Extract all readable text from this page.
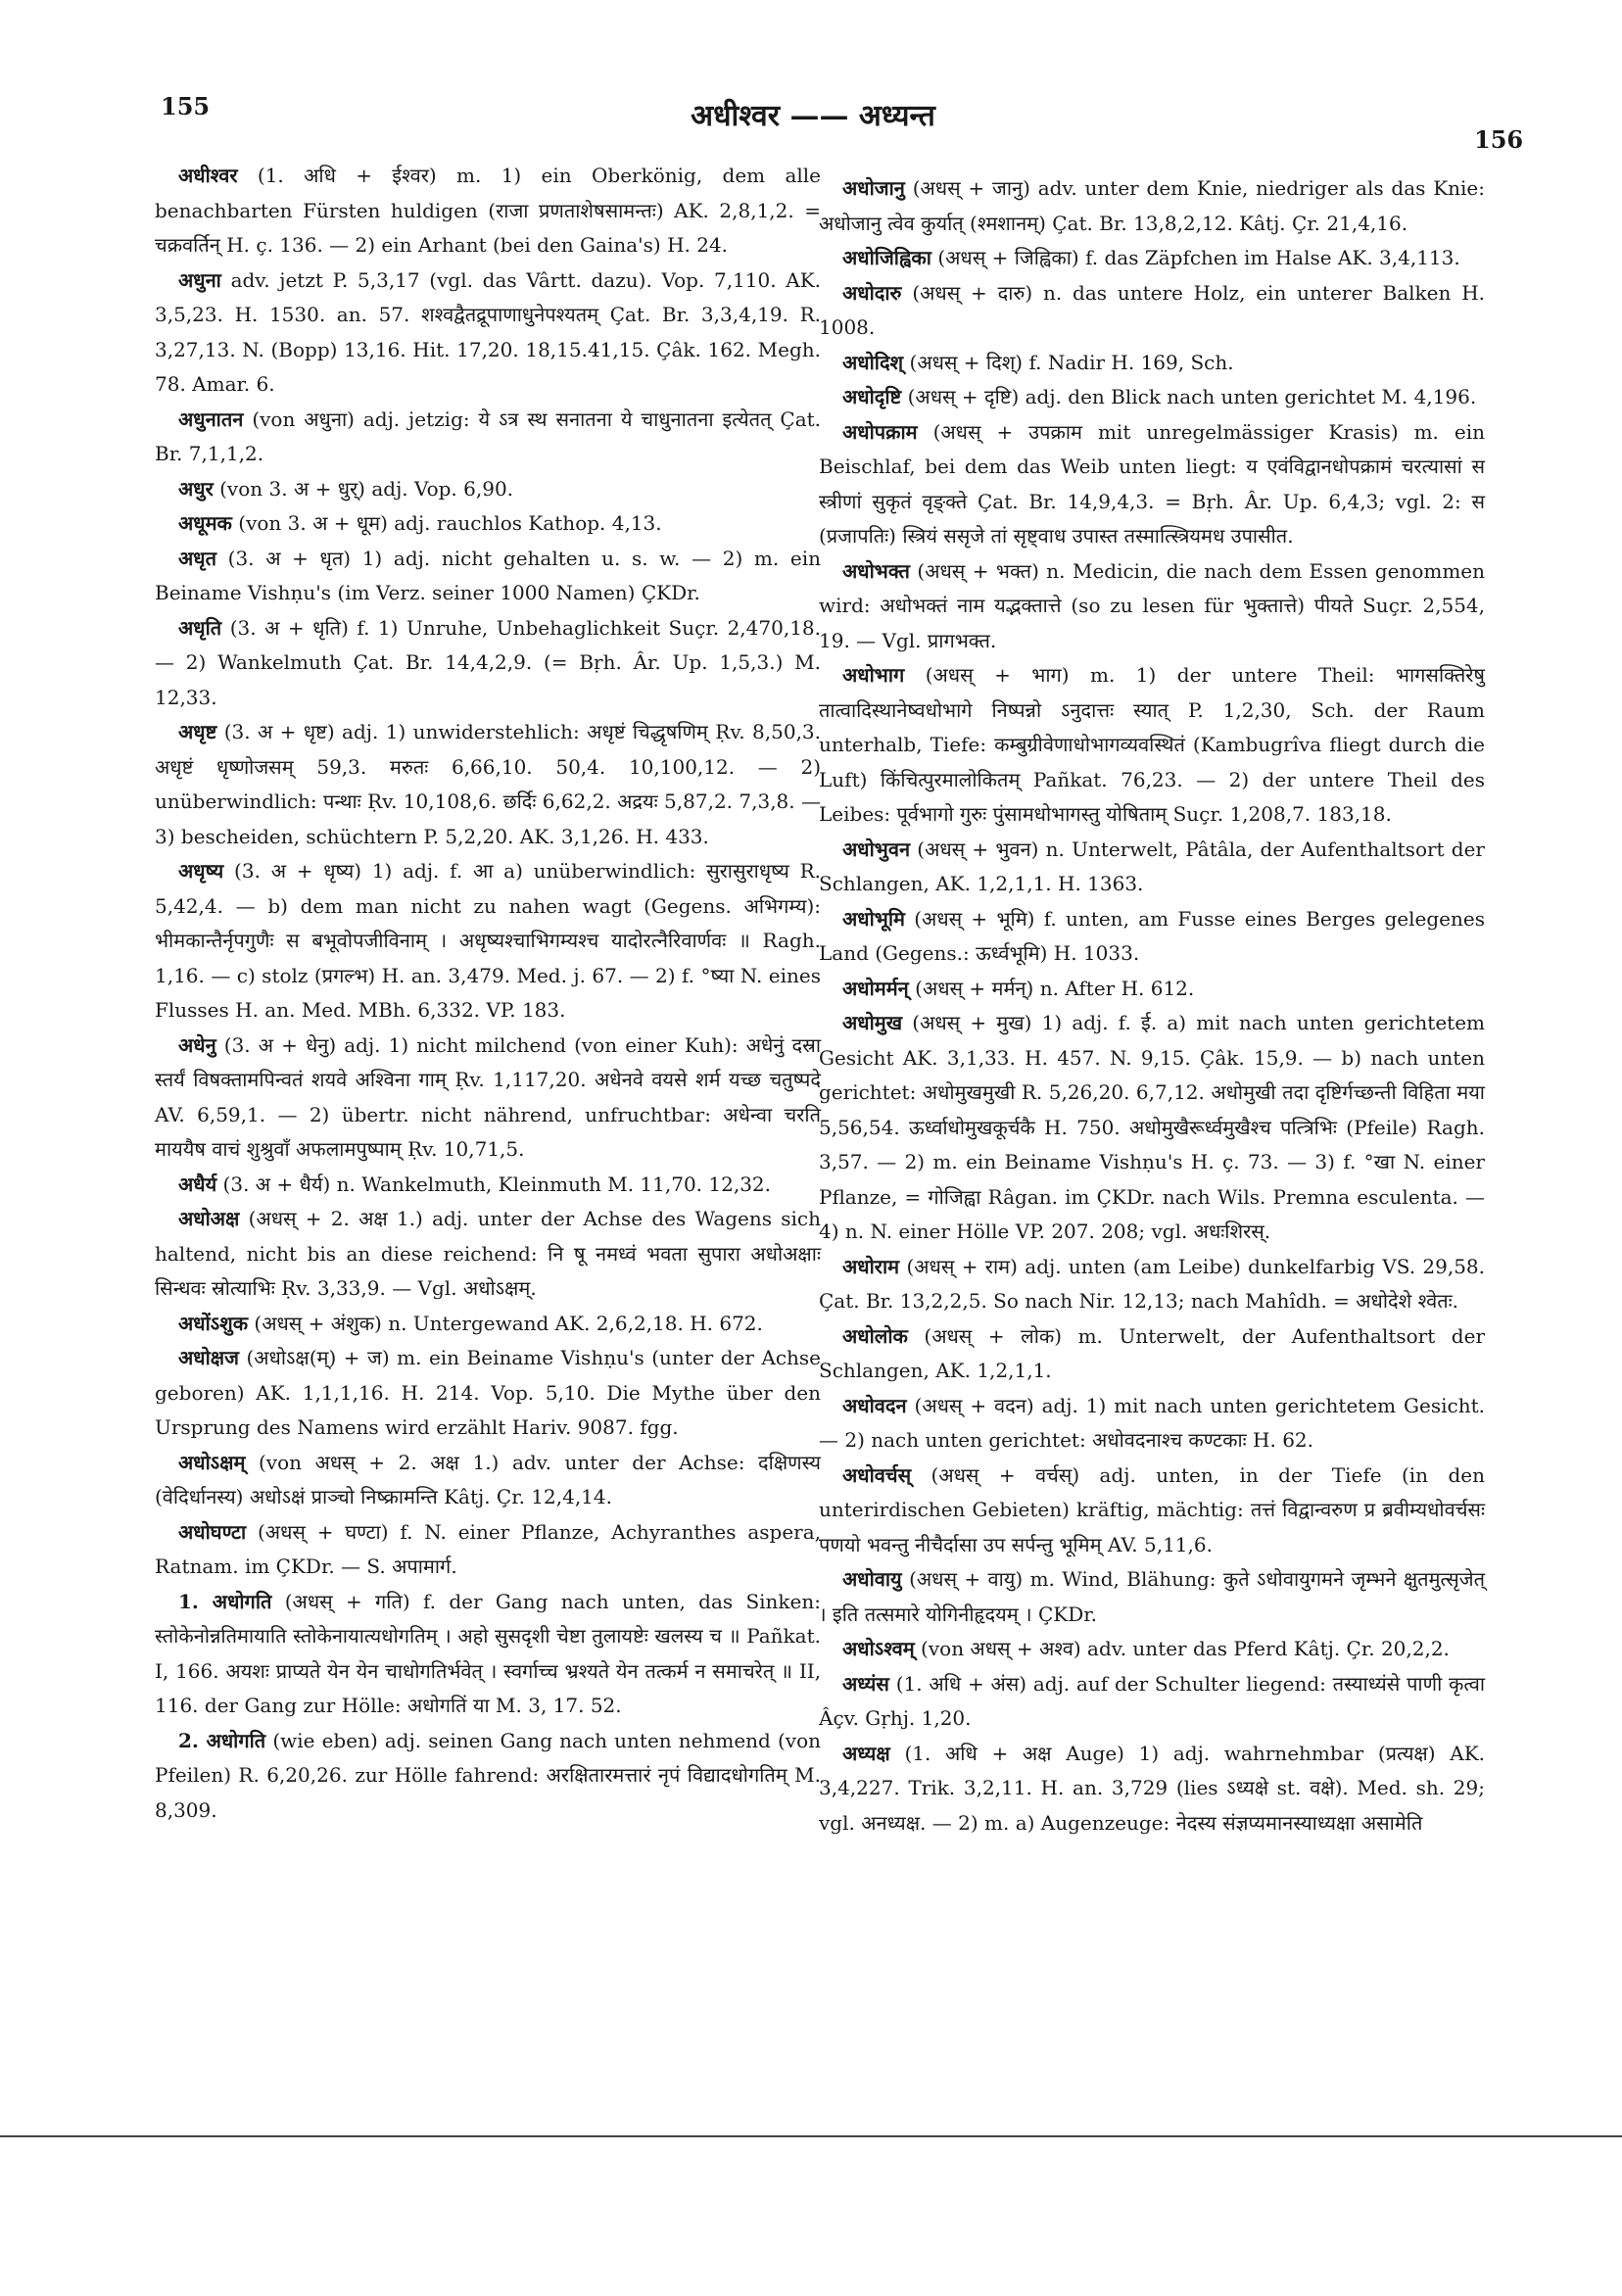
155	अधीश्वर —— अध्यन्त
156

अधीश्वर (1. अधि + ईश्वर) m. 1) ein Oberkönig, dem alle benachbarten Fürsten huldigen (राजा प्रणताशेषसामन्तः) AK. 2,8,1,2. = चक्रवर्तिन् H. ç. 136. — 2) ein Arhant (bei den Gaina's) H. 24.

अधुना adv. jetzt P. 5,3,17 (vgl. das Vârtt. dazu). Vop. 7,110. AK. 3,5,23. H. 1530. an. 57. शश्वद्वैतद्रूपाणाधुनेपश्यतम् Çat. Br. 3,3,4,19. R. 3,27,13. N. (Bopp) 13,16. Hit. 17,20. 18,15.41,15. Çâk. 162. Megh. 78. Amar. 6.

अधुनातन (von अधुना) adj. jetzig: ये ऽत्र स्थ सनातना ये चाधुनातना इत्येतत् Çat. Br. 7,1,1,2.

अधुर (von 3. अ + धुर्) adj. Vop. 6,90.

अधूमक (von 3. अ + धूम) adj. rauchlos Kathop. 4,13.

अधृत (3. अ + धृत) 1) adj. nicht gehalten u. s. w. — 2) m. ein Beiname Vishṇu's (im Verz. seiner 1000 Namen) ÇKDr.

अधृति (3. अ + धृति) f. 1) Unruhe, Unbehaglichkeit Suçr. 2,470,18. — 2) Wankelmuth Çat. Br. 14,4,2,9. (= Bṛh. Âr. Up. 1,5,3.) M. 12,33.

अधृष्ट (3. अ + धृष्ट) adj. 1) unwiderstehlich: अधृष्टं चिद्धृषणिम् Ṛv. 8,50,3. अधृष्टं धृष्णोजसम् 59,3. मरुतः 6,66,10. 50,4. 10,100,12. — 2) unüberwindlich: पन्थाः Ṛv. 10,108,6. छर्दिः 6,62,2. अद्रयः 5,87,2. 7,3,8. — 3) bescheiden, schüchtern P. 5,2,20. AK. 3,1,26. H. 433.

अधृष्य (3. अ + धृष्य) 1) adj. f. आ a) unüberwindlich: सुरासुराधृष्य R. 5,42,4. — b) dem man nicht zu nahen wagt (Gegens. अभिगम्य): भीमकान्तैर्नृपगुणैः स बभूवोपजीविनाम् । अधृष्यश्चाभिगम्यश्च यादोरत्नैरिवार्णवः ॥ Ragh. 1,16. — c) stolz (प्रगल्भ) H. an. 3,479. Med. j. 67. — 2) f. °ष्या N. eines Flusses H. an. Med. MBh. 6,332. VP. 183.

अधेनु (3. अ + धेनु) adj. 1) nicht milchend (von einer Kuh): अधेनुं दस्रा स्तर्यं विषक्तामपिन्वतं शयवे अश्विना गाम् Ṛv. 1,117,20. अधेनवे वयसे शर्म यच्छ चतुष्पदे AV. 6,59,1. — 2) übertr. nicht nährend, unfruchtbar: अधेन्वा चरति माययैष वाचं शुश्रुवाँ अफलामपुष्पाम् Ṛv. 10,71,5.

अधैर्य (3. अ + धैर्य) n. Wankelmuth, Kleinmuth M. 11,70. 12,32.

अधोअक्ष (अधस् + 2. अक्ष 1.) adj. unter der Achse des Wagens sich haltend, nicht bis an diese reichend: नि षू नमध्वं भवता सुपारा अधोअक्षाः सिन्धवः स्रोत्याभिः Ṛv. 3,33,9. — Vgl. अधोऽक्षम्.

अधोंऽशुक (अधस् + अंशुक) n. Untergewand AK. 2,6,2,18. H. 672.

अधोक्षज (अधोऽक्ष(म्) + ज) m. ein Beiname Vishṇu's (unter der Achse geboren) AK. 1,1,1,16. H. 214. Vop. 5,10. Die Mythe über den Ursprung des Namens wird erzählt Hariv. 9087. fgg.

अधोऽक्षम् (von अधस् + 2. अक्ष 1.) adv. unter der Achse: दक्षिणस्य (वेदिर्धानस्य) अधोऽक्षं प्राञ्चो निष्क्रामन्ति Kâtj. Çr. 12,4,14.

अधोघण्टा (अधस् + घण्टा) f. N. einer Pflanze, Achyranthes aspera, Ratnam. im ÇKDr. — S. अपामार्ग.

1. अधोगति (अधस् + गति) f. der Gang nach unten, das Sinken: स्तोकेनोन्नतिमायाति स्तोकेनायात्यधोगतिम् । अहो सुसदृशी चेष्टा तुलायष्टेः खलस्य च ॥ Pañkat. I, 166. अयशः प्राप्यते येन येन चाधोगतिर्भवेत् । स्वर्गाच्च भ्रश्यते येन तत्कर्म न समाचरेत् ॥ II, 116. der Gang zur Hölle: अधोगतिं या M. 3, 17. 52.

2. अधोगति (wie eben) adj. seinen Gang nach unten nehmend (von Pfeilen) R. 6,20,26. zur Hölle fahrend: अरक्षितारमत्तारं नृपं विद्यादधोगतिम् M. 8,309.

अधोजानु (अधस् + जानु) adv. unter dem Knie, niedriger als das Knie: अधोजानु त्वेव कुर्यात् (श्मशानम्) Çat. Br. 13,8,2,12. Kâtj. Çr. 21,4,16.

अधोजिह्विका (अधस् + जिह्विका) f. das Zäpfchen im Halse AK. 3,4,113.

अधोदारु (अधस् + दारु) n. das untere Holz, ein unterer Balken H. 1008.

अधोदिश् (अधस् + दिश्) f. Nadir H. 169, Sch.

अधोदृष्टि (अधस् + दृष्टि) adj. den Blick nach unten gerichtet M. 4,196.

अधोपक्राम (अधस् + उपक्राम mit unregelmässiger Krasis) m. ein Beischlaf, bei dem das Weib unten liegt: य एवंविद्वानधोपक्रामं चरत्यासां स स्त्रीणां सुकृतं वृङ्क्ते Çat. Br. 14,9,4,3. = Bṛh. Âr. Up. 6,4,3; vgl. 2: स (प्रजापतिः) स्त्रियं ससृजे तां सृष्ट्वाध उपास्त तस्मात्स्त्रियमध उपासीत.

अधोभक्त (अधस् + भक्त) n. Medicin, die nach dem Essen genommen wird: अधोभक्तं नाम यद्भक्तात्ते (so zu lesen für भुक्तात्ते) पीयते Suçr. 2,554, 19. — Vgl. प्रागभक्त.

अधोभाग (अधस् + भाग) m. 1) der untere Theil: भागसक्तिरेषु तात्वादिस्थानेष्वधोभागे निष्पन्नो ऽनुदात्तः स्यात् P. 1,2,30, Sch. der Raum unterhalb, Tiefe: कम्बुग्रीवेणाधोभागव्यवस्थितं (Kambugrîva fliegt durch die Luft) किंचित्पुरमालोकितम् Pañkat. 76,23. — 2) der untere Theil des Leibes: पूर्वभागो गुरुः पुंसामधोभागस्तु योषिताम् Suçr. 1,208,7. 183,18.

अधोभुवन (अधस् + भुवन) n. Unterwelt, Pâtâla, der Aufenthaltsort der Schlangen, AK. 1,2,1,1. H. 1363.

अधोभूमि (अधस् + भूमि) f. unten, am Fusse eines Berges gelegenes Land (Gegens.: ऊर्ध्वभूमि) H. 1033.

अधोमर्मन् (अधस् + मर्मन्) n. After H. 612.

अधोमुख (अधस् + मुख) 1) adj. f. ई. a) mit nach unten gerichtetem Gesicht AK. 3,1,33. H. 457. N. 9,15. Çâk. 15,9. — b) nach unten gerichtet: अधोमुखमुखी R. 5,26,20. 6,7,12. अधोमुखी तदा दृष्टिर्गच्छन्ती विहिता मया 5,56,54. ऊर्ध्वाधोमुखकूर्चकै H. 750. अधोमुखैरूर्ध्वमुखैश्च पत्त्रिभिः (Pfeile) Ragh. 3,57. — 2) m. ein Beiname Vishṇu's H. ç. 73. — 3) f. °खा N. einer Pflanze, = गोजिह्वा Râgan. im ÇKDr. nach Wils. Premna esculenta. — 4) n. N. einer Hölle VP. 207. 208; vgl. अधःशिरस्.

अधोराम (अधस् + राम) adj. unten (am Leibe) dunkelfarbig VS. 29,58. Çat. Br. 13,2,2,5. So nach Nir. 12,13; nach Mahîdh. = अधोदेशे श्वेतः.

अधोलोक (अधस् + लोक) m. Unterwelt, der Aufenthaltsort der Schlangen, AK. 1,2,1,1.

अधोवदन (अधस् + वदन) adj. 1) mit nach unten gerichtetem Gesicht. — 2) nach unten gerichtet: अधोवदनाश्च कण्टकाः H. 62.

अधोवर्चस् (अधस् + वर्चस्) adj. unten, in der Tiefe (in den unterirdischen Gebieten) kräftig, mächtig: तत्तं विद्वान्वरुण प्र ब्रवीम्यधोवर्चसः पणयो भवन्तु नीचैर्दासा उप सर्पन्तु भूमिम् AV. 5,11,6.

अधोवायु (अधस् + वायु) m. Wind, Blähung: कुते ऽधोवायुगमने जृम्भने क्षुतमुत्सृजेत् । इति तत्समारे योगिनीहृदयम् । ÇKDr.

अधोऽश्वम् (von अधस् + अश्व) adv. unter das Pferd Kâtj. Çr. 20,2,2.

अध्यंस (1. अधि + अंस) adj. auf der Schulter liegend: तस्याध्यंसे पाणी कृत्वा Âçv. Gṛhj. 1,20.

अध्यक्ष (1. अधि + अक्ष Auge) 1) adj. wahrnehmbar (प्रत्यक्ष) AK. 3,4,227. Trik. 3,2,11. H. an. 3,729 (lies ऽध्यक्षे st. वक्षे). Med. sh. 29; vgl. अनध्यक्ष. — 2) m. a) Augenzeuge: नेदस्य संज्ञप्यमानस्याध्यक्षा असामेति
